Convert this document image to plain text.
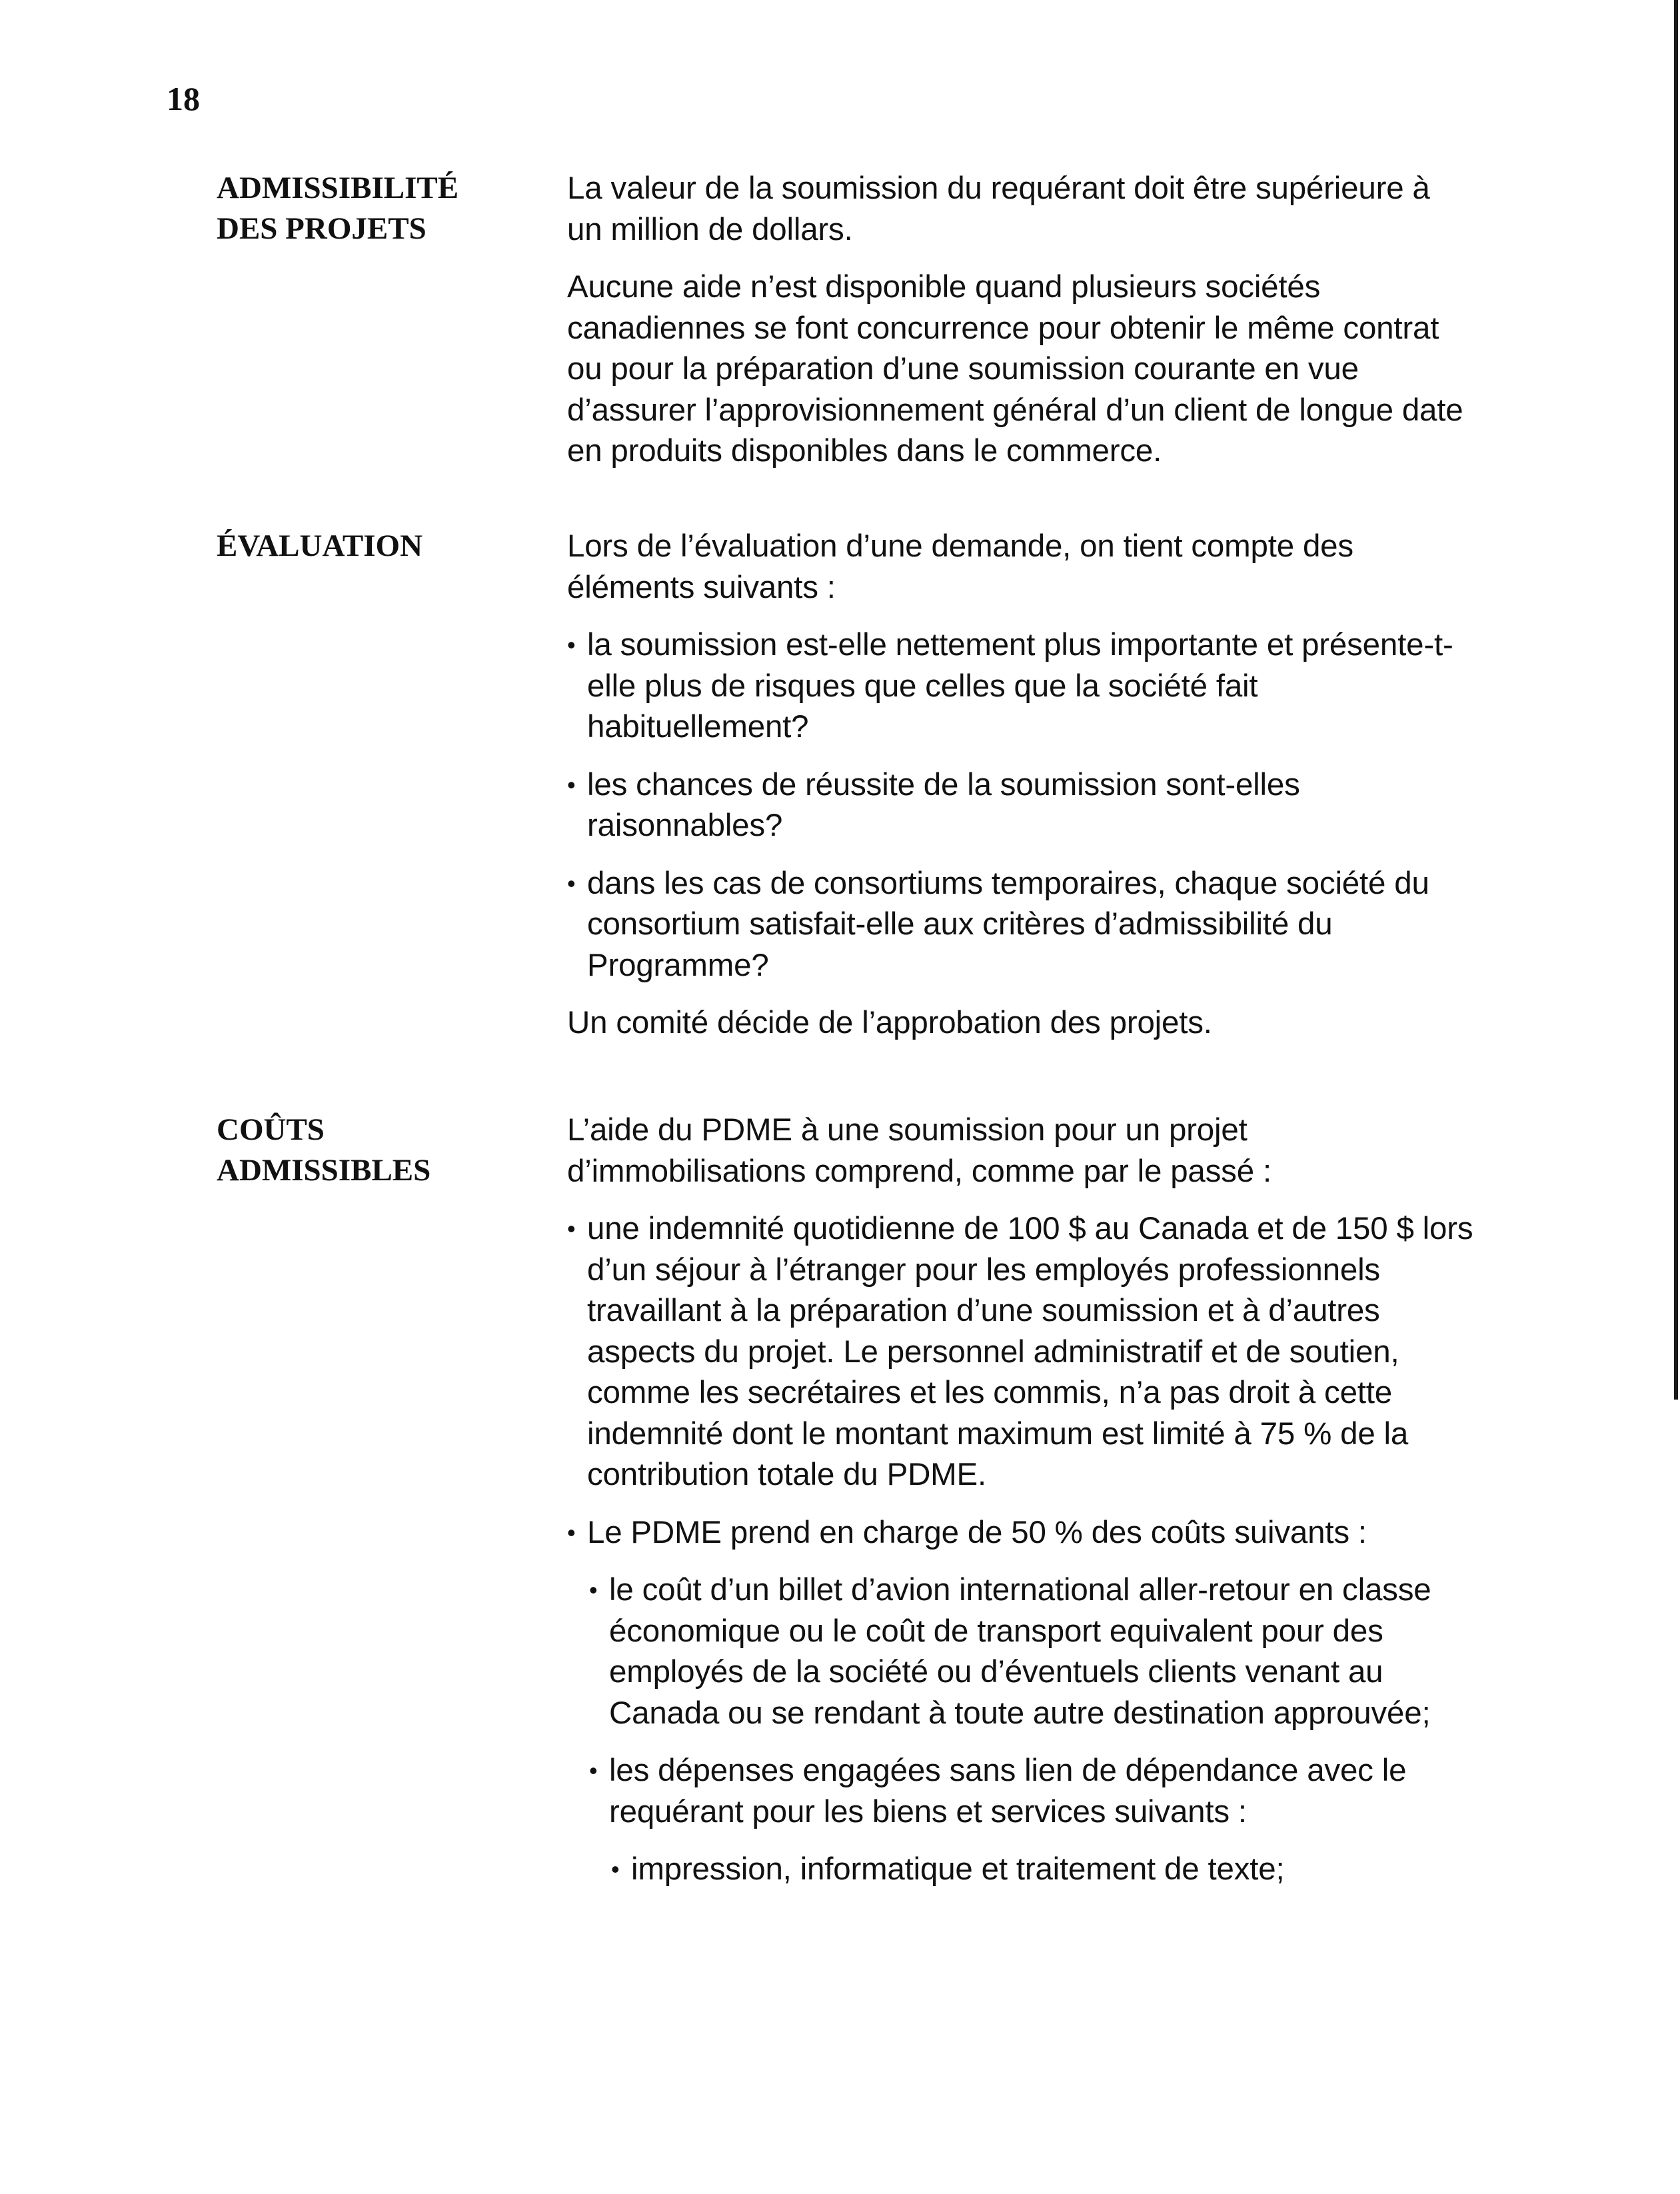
18

ADMISSIBILITÉ
DES PROJETS

La valeur de la soumission du requérant doit être supérieure à un million de dollars.

Aucune aide n’est disponible quand plusieurs sociétés canadiennes se font concurrence pour obtenir le même contrat ou pour la préparation d’une soumission courante en vue d’assurer l’approvisionnement général d’un client de longue date en produits disponibles dans le commerce.

ÉVALUATION	Lors de l’évaluation d’une demande, on tient compte des éléments suivants :

• la soumission est-elle nettement plus importante et présente-t-elle plus de risques que celles que la société fait habituellement?
• les chances de réussite de la soumission sont-elles raisonnables?
• dans les cas de consortiums temporaires, chaque société du consortium satisfait-elle aux critères d’admissibilité du Programme?

Un comité décide de l’approbation des projets.

COÛTS
ADMISSIBLES

L’aide du PDME à une soumission pour un projet d’immobilisations comprend, comme par le passé :

• une indemnité quotidienne de 100 $ au Canada et de 150 $ lors d’un séjour à l’étranger pour les employés professionnels travaillant à la préparation d’une soumission et à d’autres aspects du projet. Le personnel administratif et de soutien, comme les secrétaires et les commis, n’a pas droit à cette indemnité dont le montant maximum est limité à 75 % de la contribution totale du PDME.
• Le PDME prend en charge de 50 % des coûts suivants :
• le coût d’un billet d’avion international aller-retour en classe économique ou le coût de transport equivalent pour des employés de la société ou d’éventuels clients venant au Canada ou se rendant à toute autre destination approuvée;
• les dépenses engagées sans lien de dépendance avec le requérant pour les biens et services suivants :
• impression, informatique et traitement de texte;
